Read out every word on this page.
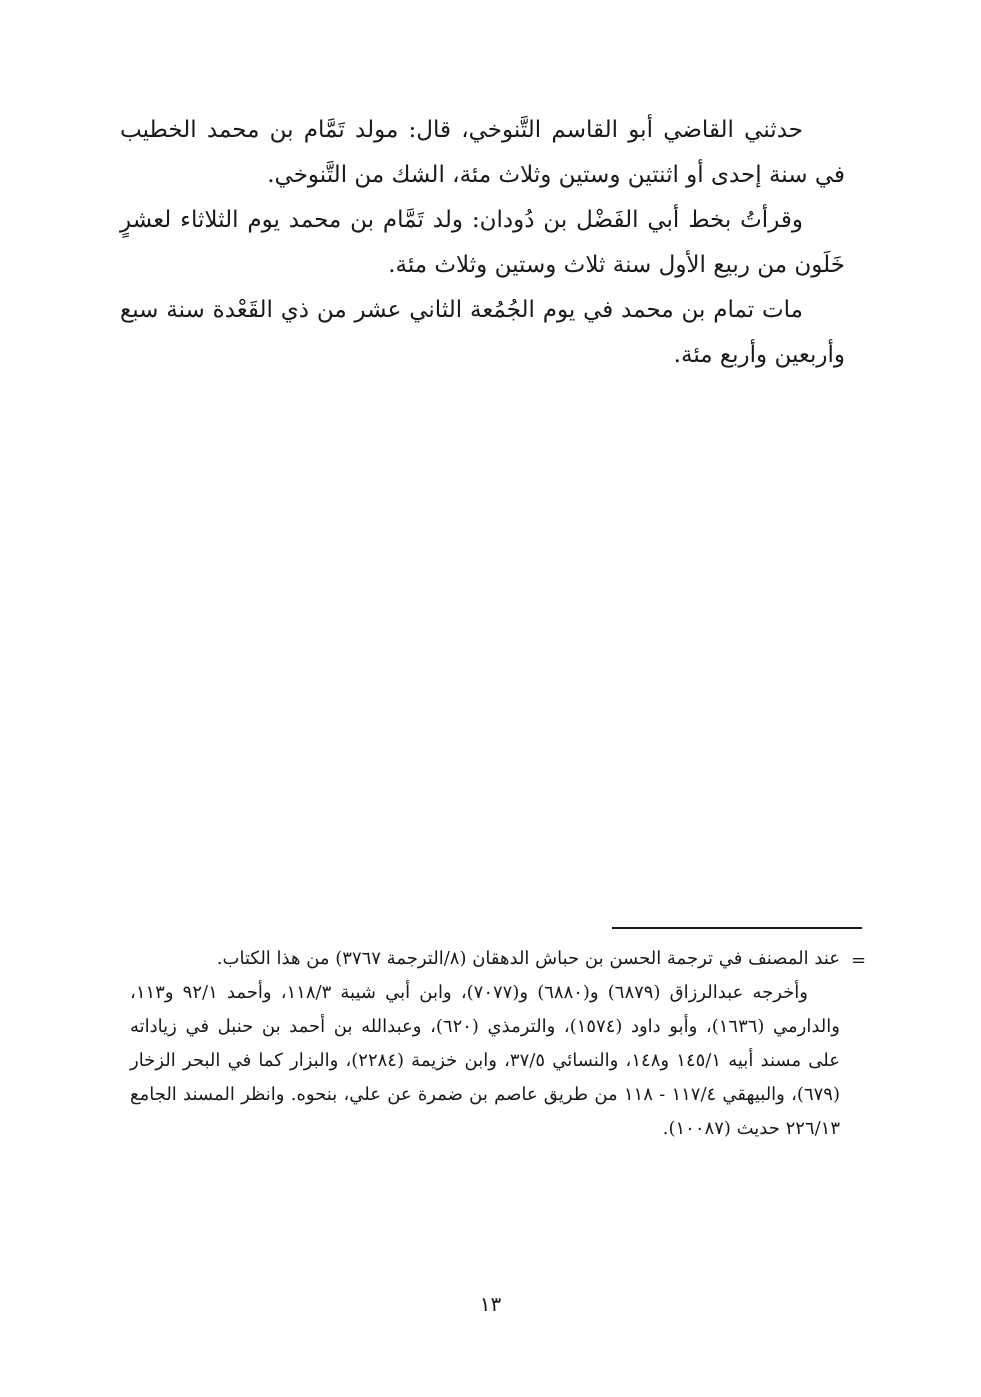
حدثني القاضي أبو القاسم التَّنوخي، قال: مولد تَمَّام بن محمد الخطيب في سنة إحدى أو اثنتين وستين وثلاث مئة، الشك من التَّنوخي.

وقرأتُ بخط أبي الفَضْل بن دُودان: ولد تَمَّام بن محمد يوم الثلاثاء لعشرٍ خَلَون من ربيع الأول سنة ثلاث وستين وثلاث مئة.

مات تمام بن محمد في يوم الجُمُعة الثاني عشر من ذي القَعْدة سنة سبع وأربعين وأربع مئة.

=

عند المصنف في ترجمة الحسن بن حباش الدهقان (٨/الترجمة ٣٧٦٧) من هذا الكتاب.

وأخرجه عبدالرزاق (٦٨٧٩) و(٦٨٨٠) و(٧٠٧٧)، وابن أبي شيبة ١١٨/٣، وأحمد ٩٢/١ و١١٣، والدارمي (١٦٣٦)، وأبو داود (١٥٧٤)، والترمذي (٦٢٠)، وعبدالله بن أحمد بن حنبل في زياداته على مسند أبيه ١٤٥/١ و١٤٨، والنسائي ٣٧/٥، وابن خزيمة (٢٢٨٤)، والبزار كما في البحر الزخار (٦٧٩)، والبيهقي ١١٧/٤ - ١١٨ من طريق عاصم بن ضمرة عن علي، بنحوه. وانظر المسند الجامع ٢٢٦/١٣ حديث (١٠٠٨٧).

١٣
